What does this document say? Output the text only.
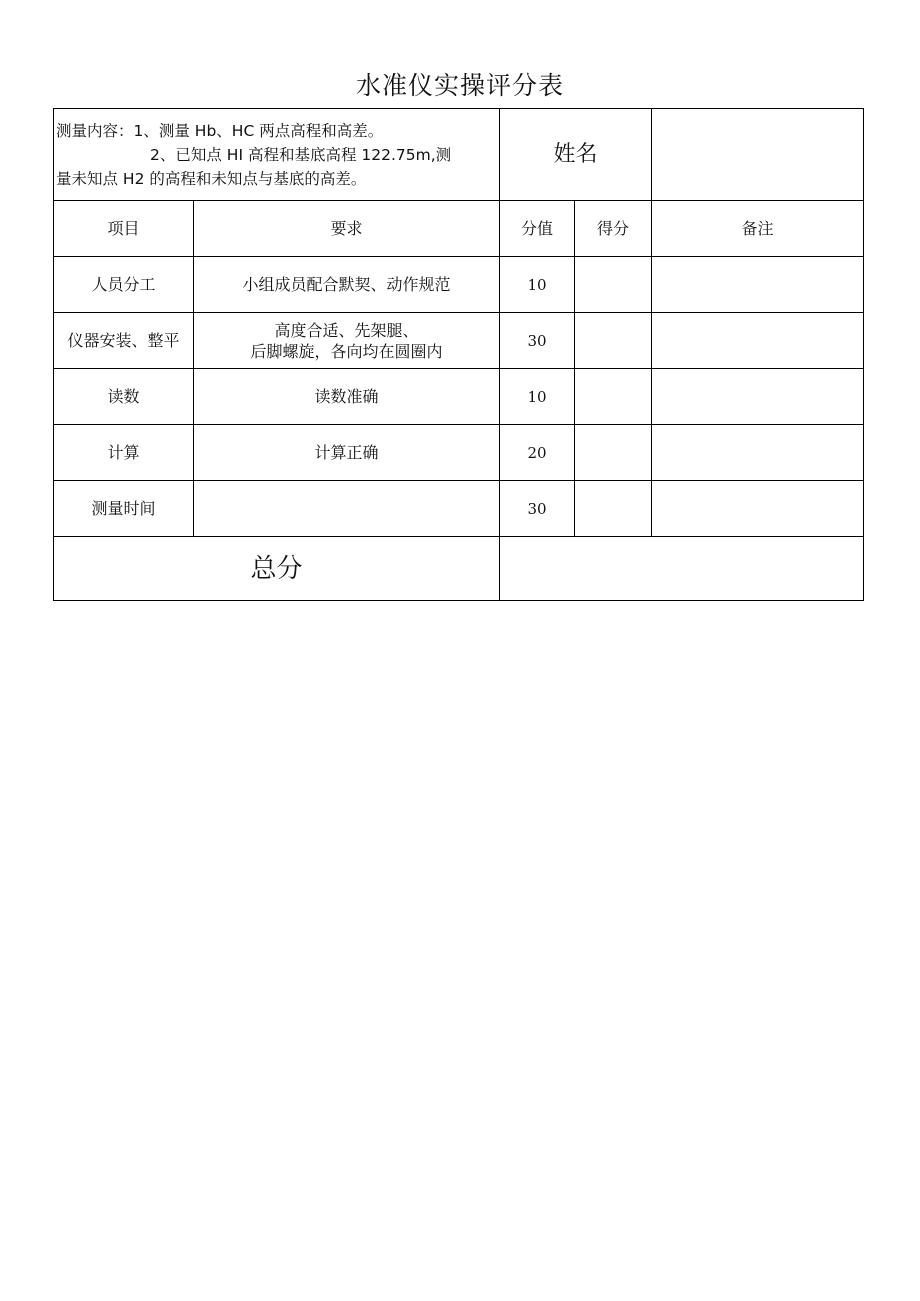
水准仪实操评分表
测量内容：1、测量 Hb、HC 两点高程和高差。
2、已知点 HI 高程和基底高程 122.75m,测
量未知点 H2 的高程和未知点与基底的高差。		姓名		
项目	要求	分值	得分	备注
人员分工	小组成员配合默契、动作规范	10		
仪器安装、整平	高度合适、先架腿、
后脚螺旋，各向均在圆圈内	30		
读数	读数准确	10		
计算	计算正确	20		
测量时间		30		
总分				
